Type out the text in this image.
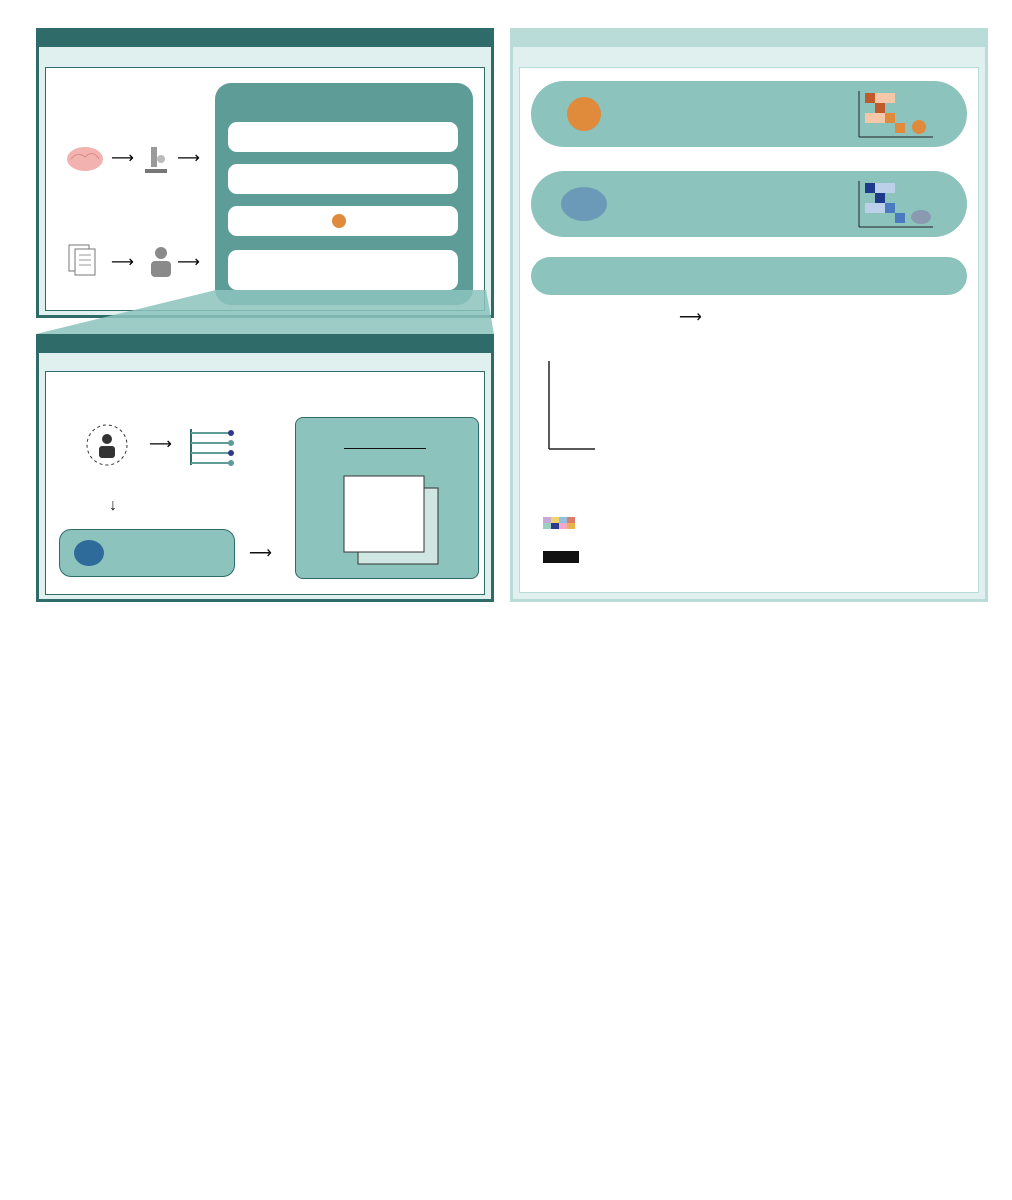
⟶	⟶
⟶	⟶
⟶
↓
⟶
⟶
